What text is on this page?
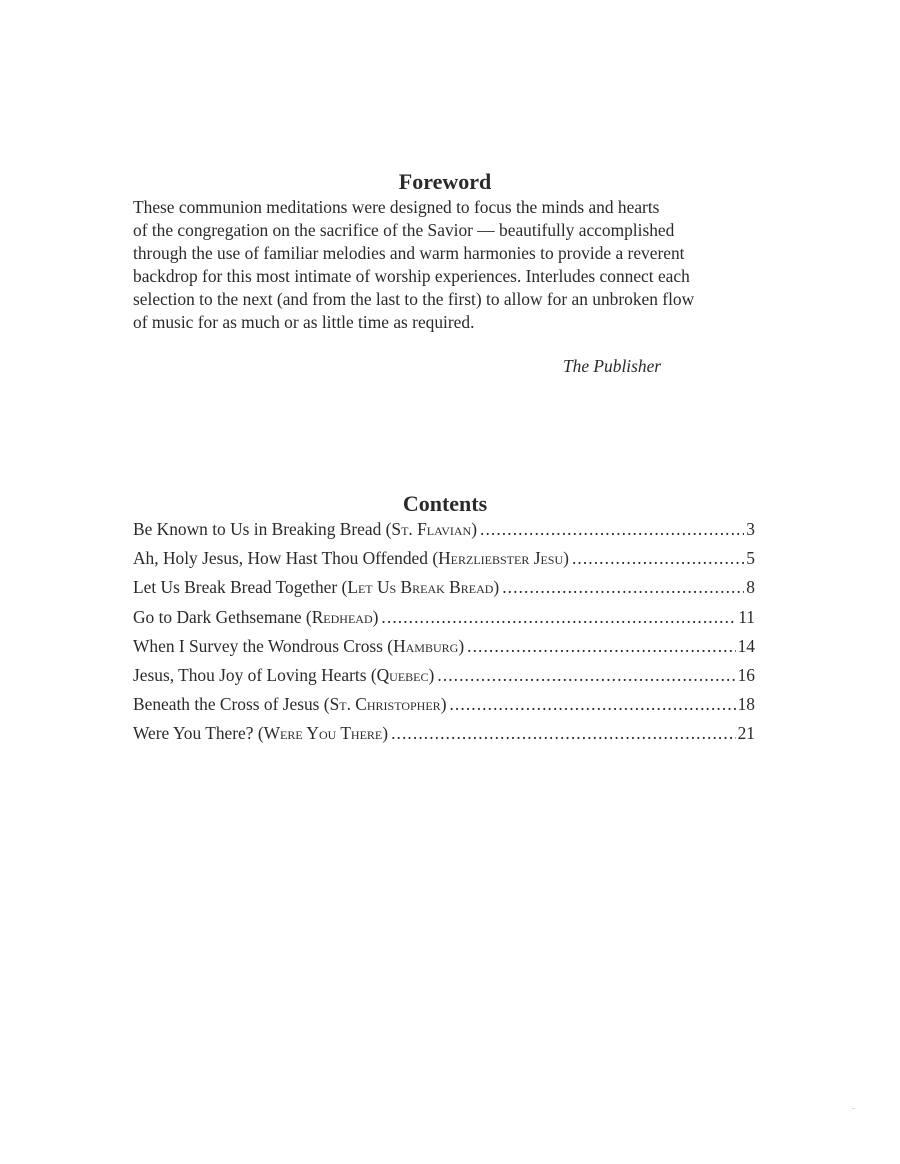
Foreword

These communion meditations were designed to focus the minds and hearts
of the congregation on the sacrifice of the Savior — beautifully accomplished
through the use of familiar melodies and warm harmonies to provide a reverent
backdrop for this most intimate of worship experiences. Interludes connect each
selection to the next (and from the last to the first) to allow for an unbroken flow
of music for as much or as little time as required.

The Publisher

Contents
Be Known to Us in Breaking Bread (St. Flavian) .....	3
Ah, Holy Jesus, How Hast Thou Offended (Herzliebster Jesu) .....	5
Let Us Break Bread Together (Let Us Break Bread) .....	8
Go to Dark Gethsemane (Redhead) .....	11
When I Survey the Wondrous Cross (Hamburg) .....	14
Jesus, Thou Joy of Loving Hearts (Quebec) .....	16
Beneath the Cross of Jesus (St. Christopher) .....	18
Were You There? (Were You There) .....	21
